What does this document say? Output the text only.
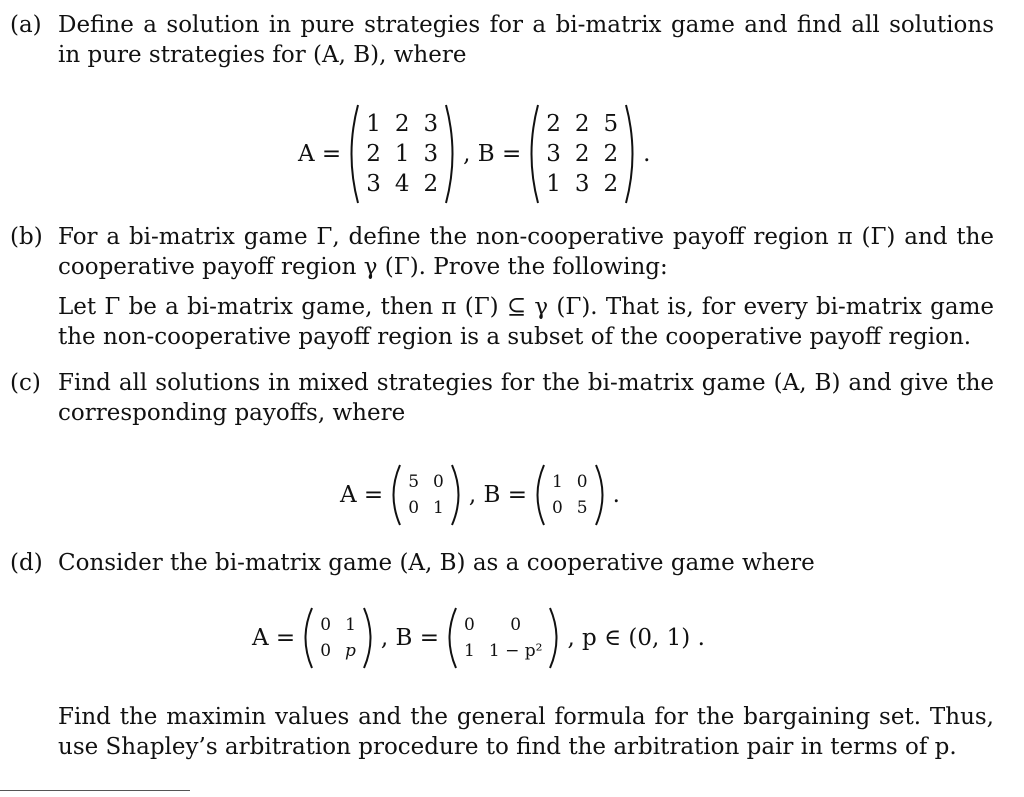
(a) Define a solution in pure strategies for a bi-matrix game and find all solutions in pure strategies for (A, B), where

A =
1 2 3
2 1 3
3 4 2
, B =
2 2 5
3 2 2
1 3 2
.
(b) For a bi-matrix game Γ, define the non-cooperative payoff region π (Γ) and the cooperative payoff region γ (Γ). Prove the following:

Let Γ be a bi-matrix game, then π (Γ) ⊆ γ (Γ). That is, for every bi-matrix game the non-cooperative payoff region is a subset of the cooperative payoff region.

(c) Find all solutions in mixed strategies for the bi-matrix game (A, B) and give the corresponding payoffs, where

A = 5 0
0 1 , B = 1 0
0 5 .
(d) Consider the bi-matrix game (A, B) as a cooperative game where

A = 0 1
0 p , B = 0	0
1 1 − p² , p ∈ (0, 1) .

Find the maximin values and the general formula for the bargaining set. Thus, use Shapley’s arbitration procedure to find the arbitration pair in terms of p.
